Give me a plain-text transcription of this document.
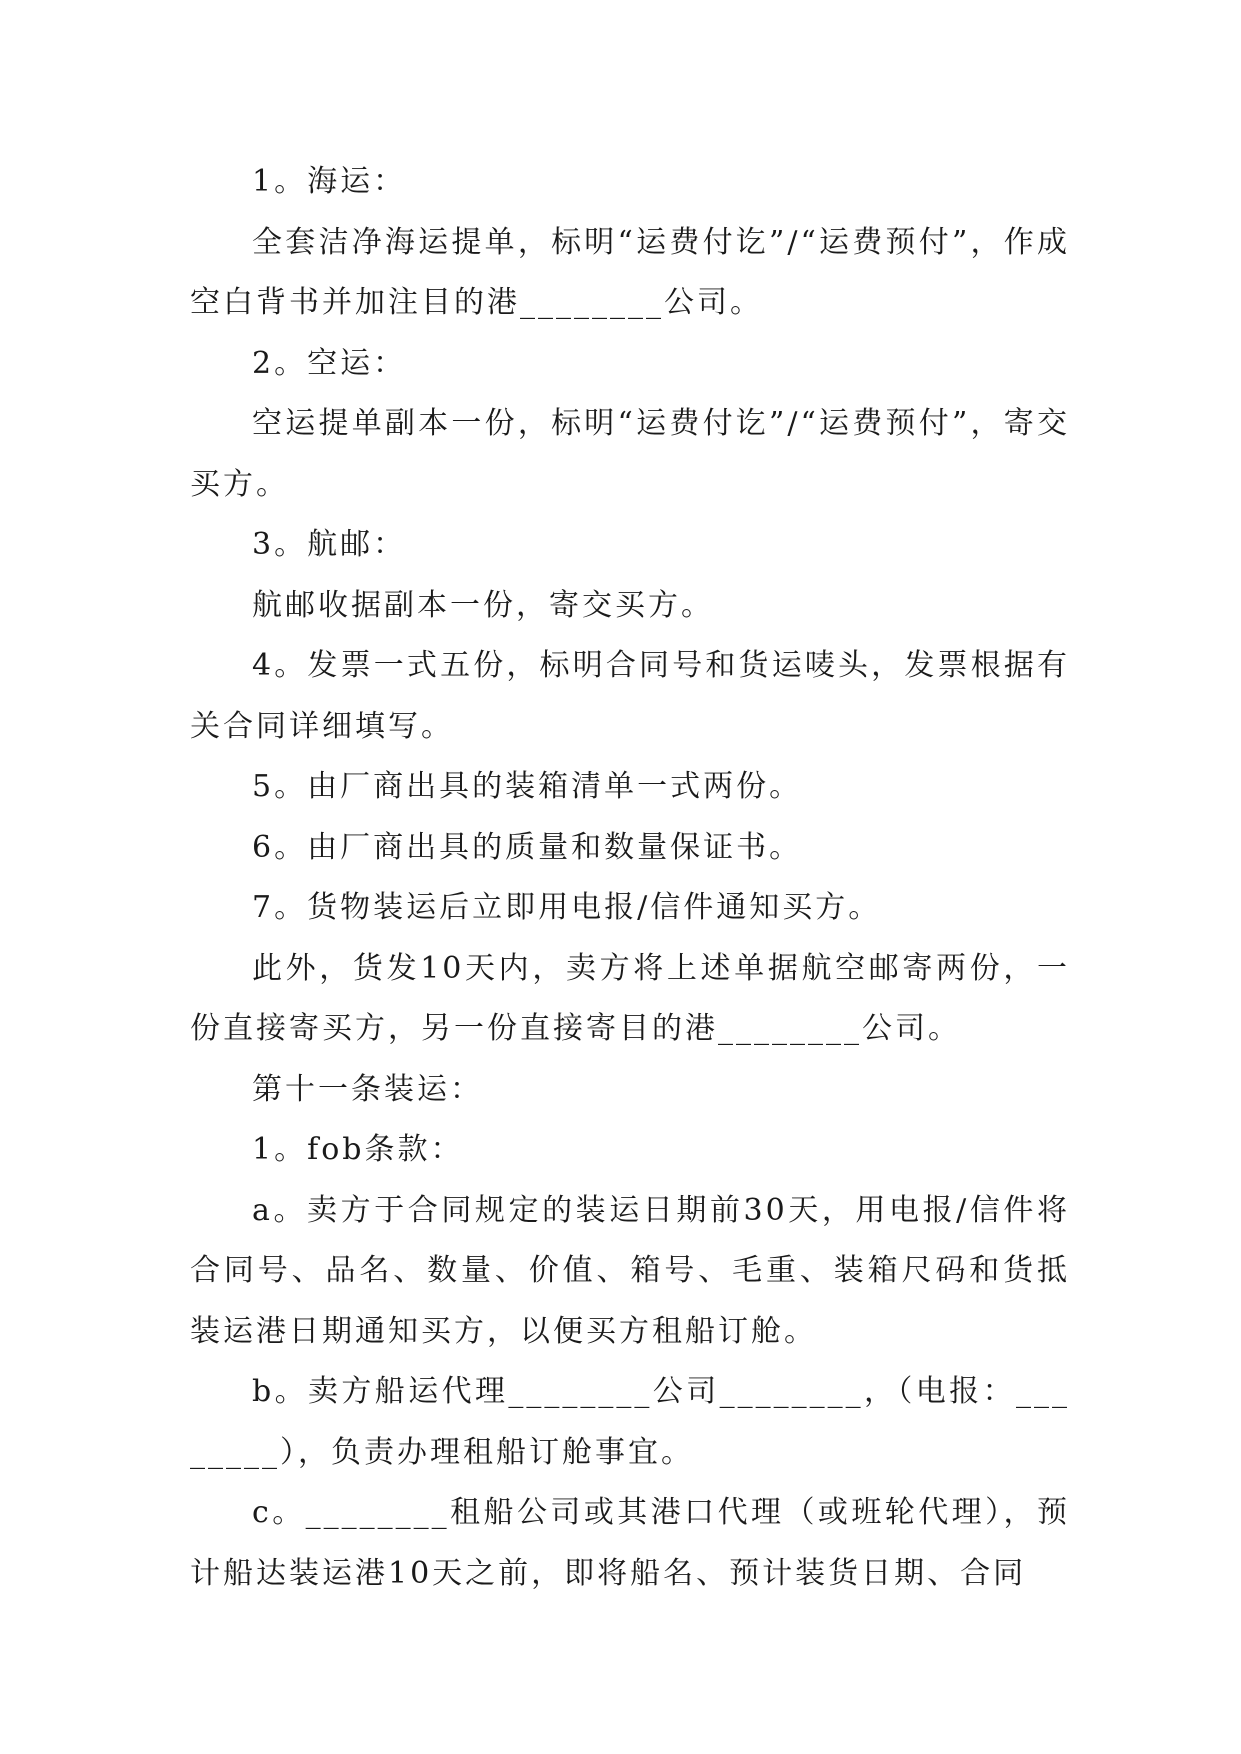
1。海运：

全套洁净海运提单，标明“运费付讫”/“运费预付”，作成空白背书并加注目的港________公司。

2。空运：

空运提单副本一份，标明“运费付讫”/“运费预付”，寄交买方。

3。航邮：

航邮收据副本一份，寄交买方。

4。发票一式五份，标明合同号和货运唛头，发票根据有关合同详细填写。

5。由厂商出具的装箱清单一式两份。

6。由厂商出具的质量和数量保证书。

7。货物装运后立即用电报/信件通知买方。

此外，货发10天内，卖方将上述单据航空邮寄两份，一份直接寄买方，另一份直接寄目的港________公司。

第十一条装运：

1。fob条款：

a。卖方于合同规定的装运日期前30天，用电报/信件将合同号、品名、数量、价值、箱号、毛重、装箱尺码和货抵装运港日期通知买方，以便买方租船订舱。

b。卖方船运代理________公司________，（电报：________），负责办理租船订舱事宜。

c。________租船公司或其港口代理（或班轮代理），预计船达装运港10天之前，即将船名、预计装货日期、合同
